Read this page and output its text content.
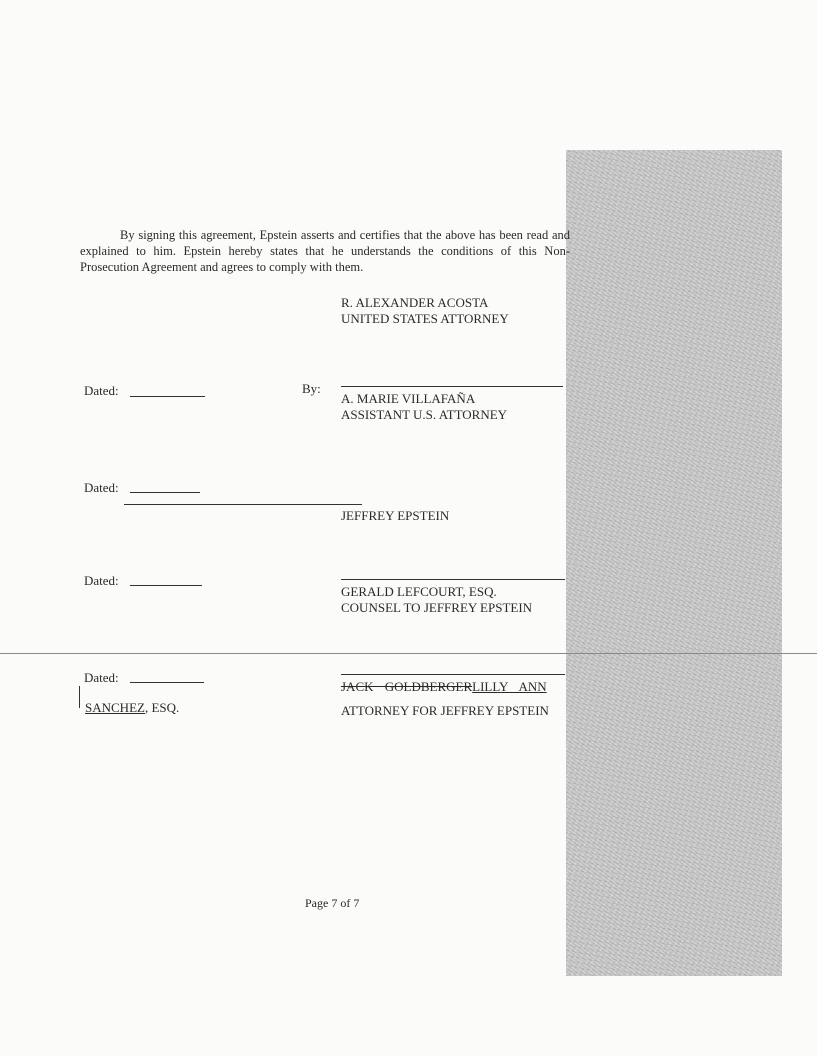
By signing this agreement, Epstein asserts and certifies that the above has been read and explained to him. Epstein hereby states that he understands the conditions of this Non-Prosecution Agreement and agrees to comply with them.
R. ALEXANDER ACOSTA
UNITED STATES ATTORNEY
Dated:	By:
A. MARIE VILLAFAÑA
ASSISTANT U.S. ATTORNEY
Dated:
JEFFREY EPSTEIN
Dated:
GERALD LEFCOURT, ESQ.
COUNSEL TO JEFFREY EPSTEIN
Dated:
JACK GOLDBERGERLILLY ANN
SANCHEZ, ESQ.	ATTORNEY FOR JEFFREY EPSTEIN
Page 7 of 7
